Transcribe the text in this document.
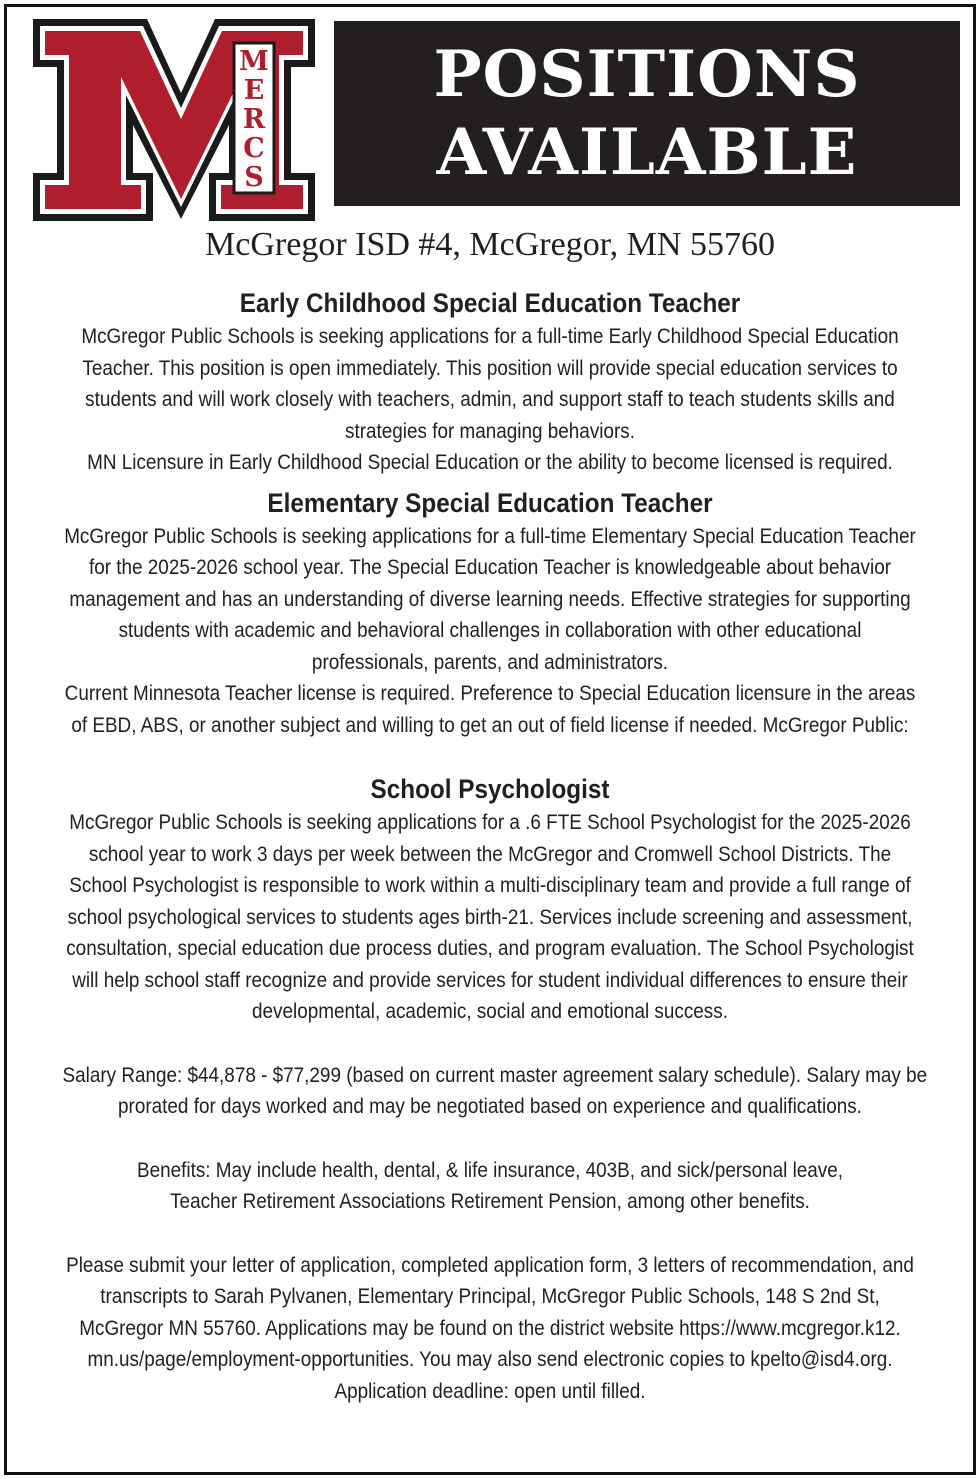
M
E
R
C
S
POSITIONS
AVAILABLE
McGregor ISD #4, McGregor, MN 55760
Early Childhood Special Education Teacher
McGregor Public Schools is seeking applications for a full-time Early Childhood Special Education
Teacher. This position is open immediately. This position will provide special education services to
students and will work closely with teachers, admin, and support staff to teach students skills and
strategies for managing behaviors.
MN Licensure in Early Childhood Special Education or the ability to become licensed is required.
Elementary Special Education Teacher
McGregor Public Schools is seeking applications for a full-time Elementary Special Education Teacher
for the 2025-2026 school year. The Special Education Teacher is knowledgeable about behavior
management and has an understanding of diverse learning needs. Effective strategies for supporting
students with academic and behavioral challenges in collaboration with other educational
professionals, parents, and administrators.
Current Minnesota Teacher license is required. Preference to Special Education licensure in the areas
of EBD, ABS, or another subject and willing to get an out of field license if needed. McGregor Public:
School Psychologist
McGregor Public Schools is seeking applications for a .6 FTE School Psychologist for the 2025-2026
school year to work 3 days per week between the McGregor and Cromwell School Districts. The
School Psychologist is responsible to work within a multi-disciplinary team and provide a full range of
school psychological services to students ages birth-21. Services include screening and assessment,
consultation, special education due process duties, and program evaluation. The School Psychologist
will help school staff recognize and provide services for student individual differences to ensure their
developmental, academic, social and emotional success.
Salary Range: $44,878 - $77,299 (based on current master agreement salary schedule). Salary may be
prorated for days worked and may be negotiated based on experience and qualifications.
Benefits: May include health, dental, & life insurance, 403B, and sick/personal leave,
Teacher Retirement Associations Retirement Pension, among other benefits.
Please submit your letter of application, completed application form, 3 letters of recommendation, and
transcripts to Sarah Pylvanen, Elementary Principal, McGregor Public Schools, 148 S 2nd St,
McGregor MN 55760. Applications may be found on the district website https://www.mcgregor.k12.
mn.us/page/employment-opportunities. You may also send electronic copies to kpelto@isd4.org.
Application deadline: open until filled.
